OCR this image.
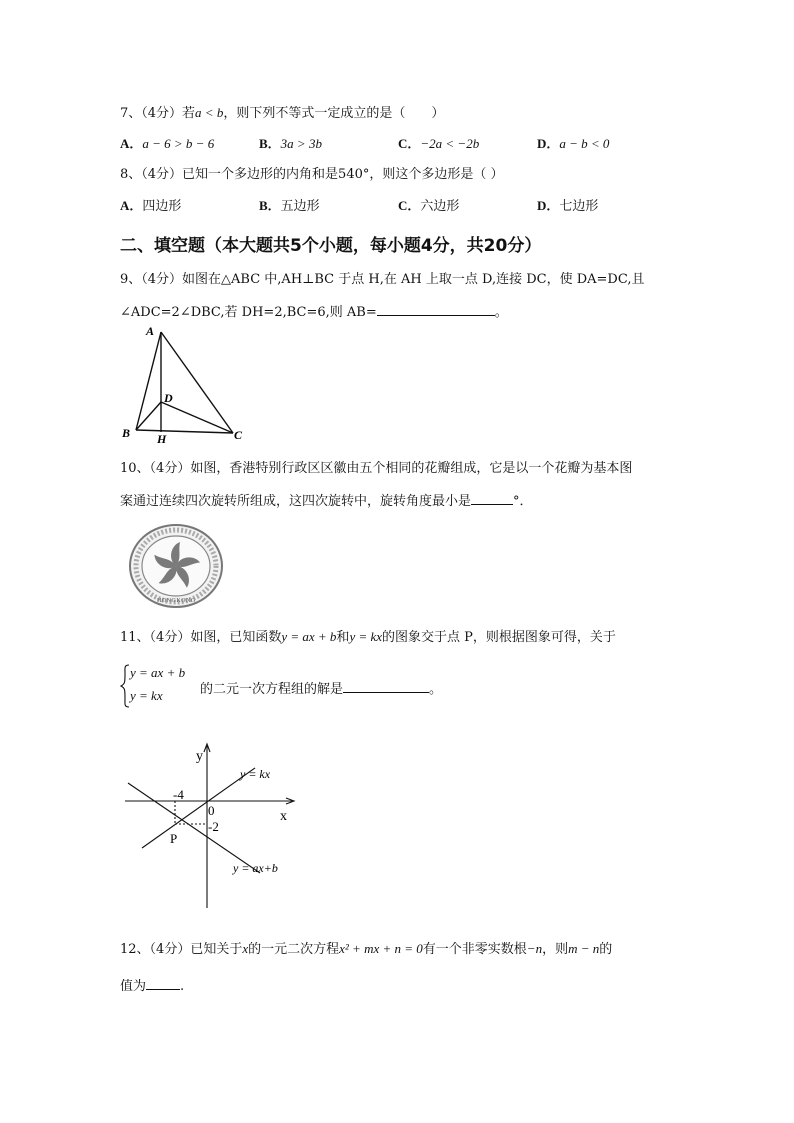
7、（4分）若a < b，则下列不等式一定成立的是（　　）
A．a − 6 > b − 6	B．3a > 3b	C．−2a < −2b	D．a − b < 0
8、（4分）已知一个多边形的内角和是540°，则这个多边形是（ ）
A．四边形	B．五边形	C．六边形	D．七边形
二、填空题（本大题共5个小题，每小题4分，共20分）
9、（4分）如图在△ABC 中,AH⊥BC 于点 H,在 AH 上取一点 D,连接 DC，使 DA=DC,且
∠ADC=2∠DBC,若 DH=2,BC=6,则 AB=	。
A
D
B H	C
10、（4分）如图，香港特别行政区区徽由五个相同的花瓣组成，它是以一个花瓣为基本图
案通过连续四次旋转所组成，这四次旋转中，旋转角度最小是	°．
HONGKONG
11、（4分）如图，已知函数y = ax + b和y = kx的图象交于点 P，则根据图象可得，关于
y = ax + b
y = kx	的二元一次方程组的解是	。
y
x
0
-4
-2
P
y = kx
y = ax+b
12、（4分）已知关于x的一元二次方程x² + mx + n = 0有一个非零实数根−n，则m − n的
值为	.
